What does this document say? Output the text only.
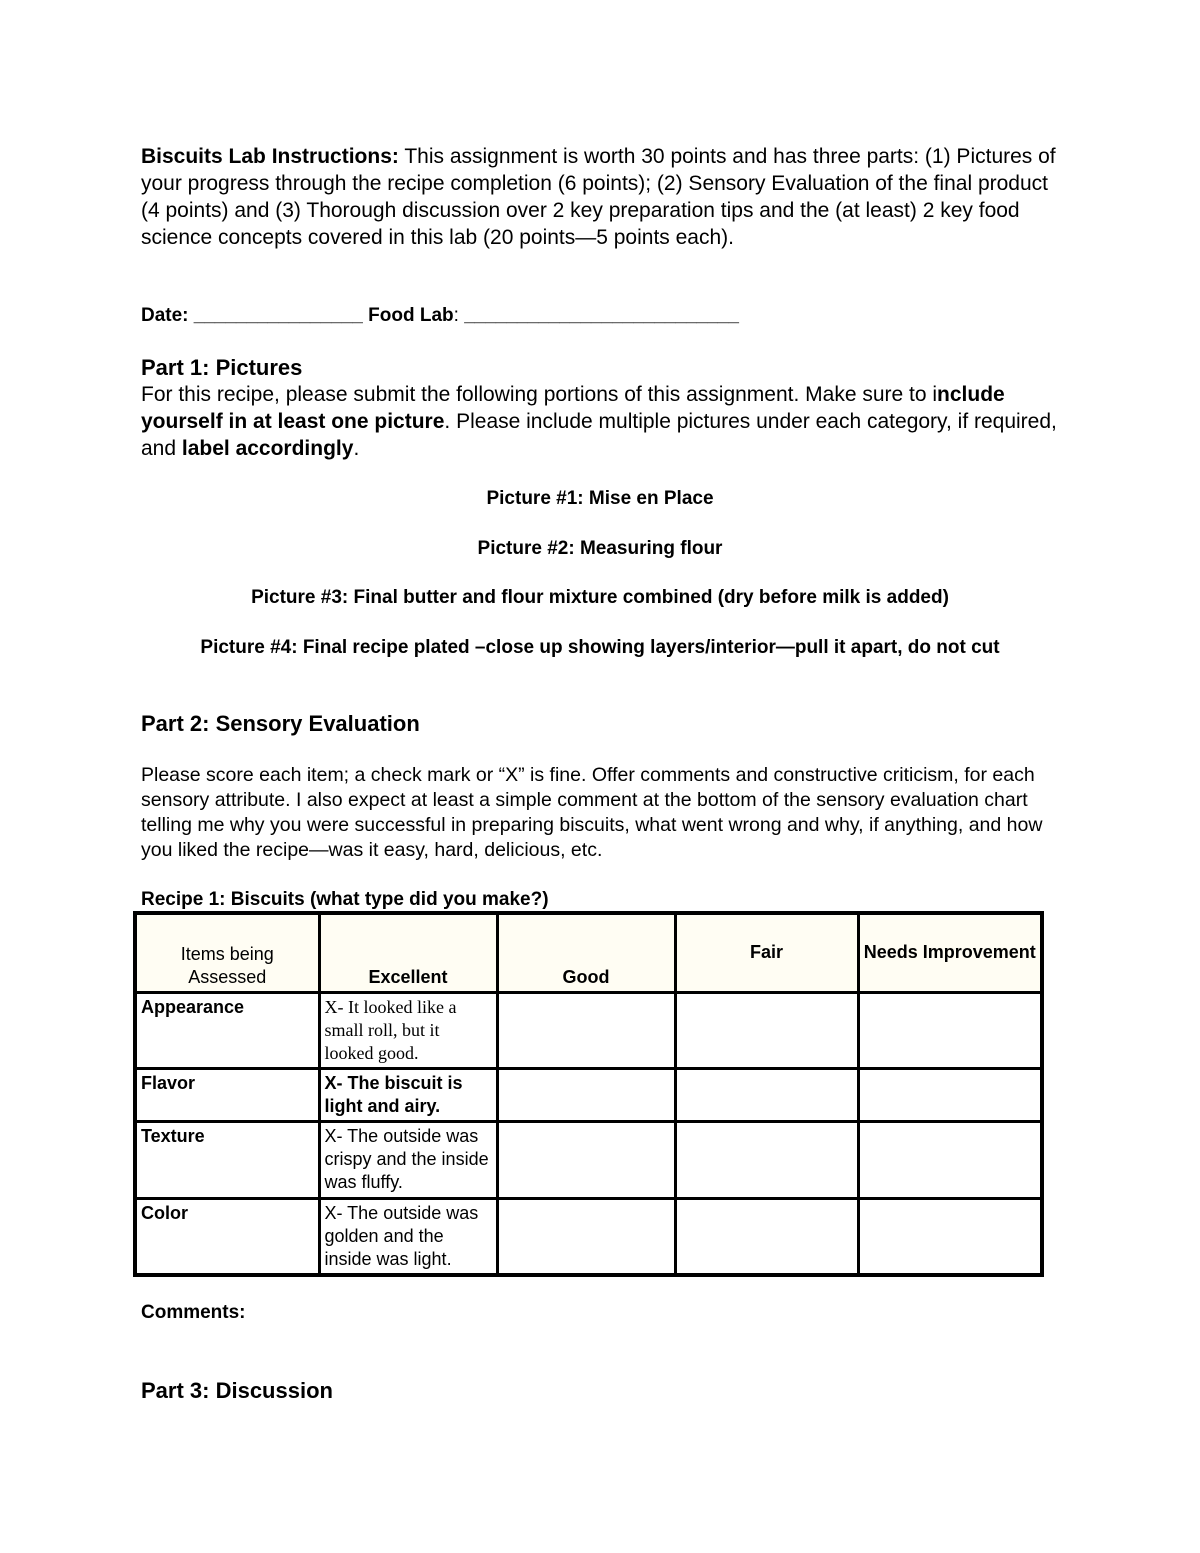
Biscuits Lab Instructions: This assignment is worth 30 points and has three parts: (1) Pictures of your progress through the recipe completion (6 points); (2) Sensory Evaluation of the final product (4 points) and (3) Thorough discussion over 2 key preparation tips and the (at least) 2 key food science concepts covered in this lab (20 points—5 points each).
Date: ________________ Food Lab: __________________________
Part 1: Pictures
For this recipe, please submit the following portions of this assignment. Make sure to include yourself in at least one picture. Please include multiple pictures under each category, if required, and label accordingly.
Picture #1: Mise en Place
Picture #2: Measuring flour
Picture #3: Final butter and flour mixture combined (dry before milk is added)
Picture #4: Final recipe plated –close up showing layers/interior—pull it apart, do not cut
Part 2: Sensory Evaluation
Please score each item; a check mark or “X” is fine. Offer comments and constructive criticism, for each sensory attribute. I also expect at least a simple comment at the bottom of the sensory evaluation chart telling me why you were successful in preparing biscuits, what went wrong and why, if anything, and how you liked the recipe—was it easy, hard, delicious, etc.
Recipe 1: Biscuits (what type did you make?)
Items being Assessed	Excellent	Good	Fair	Needs Improvement
Appearance	X- It looked like a small roll, but it looked good.			
Flavor	X- The biscuit is light and airy.			
Texture	X- The outside was crispy and the inside was fluffy.			
Color	X- The outside was golden and the inside was light.			
Comments:
Part 3: Discussion
